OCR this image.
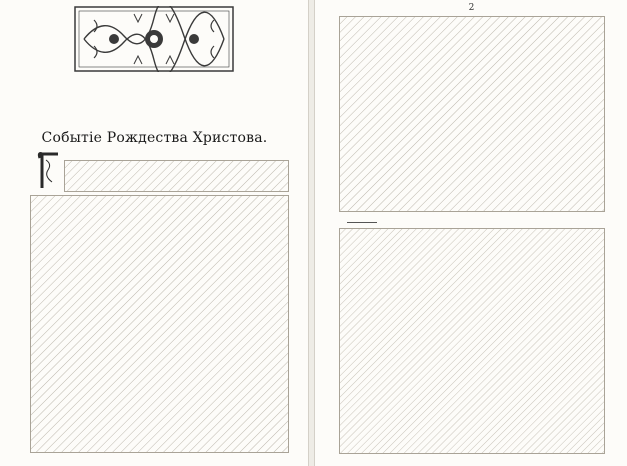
Событіе Рождества Христова.
2
